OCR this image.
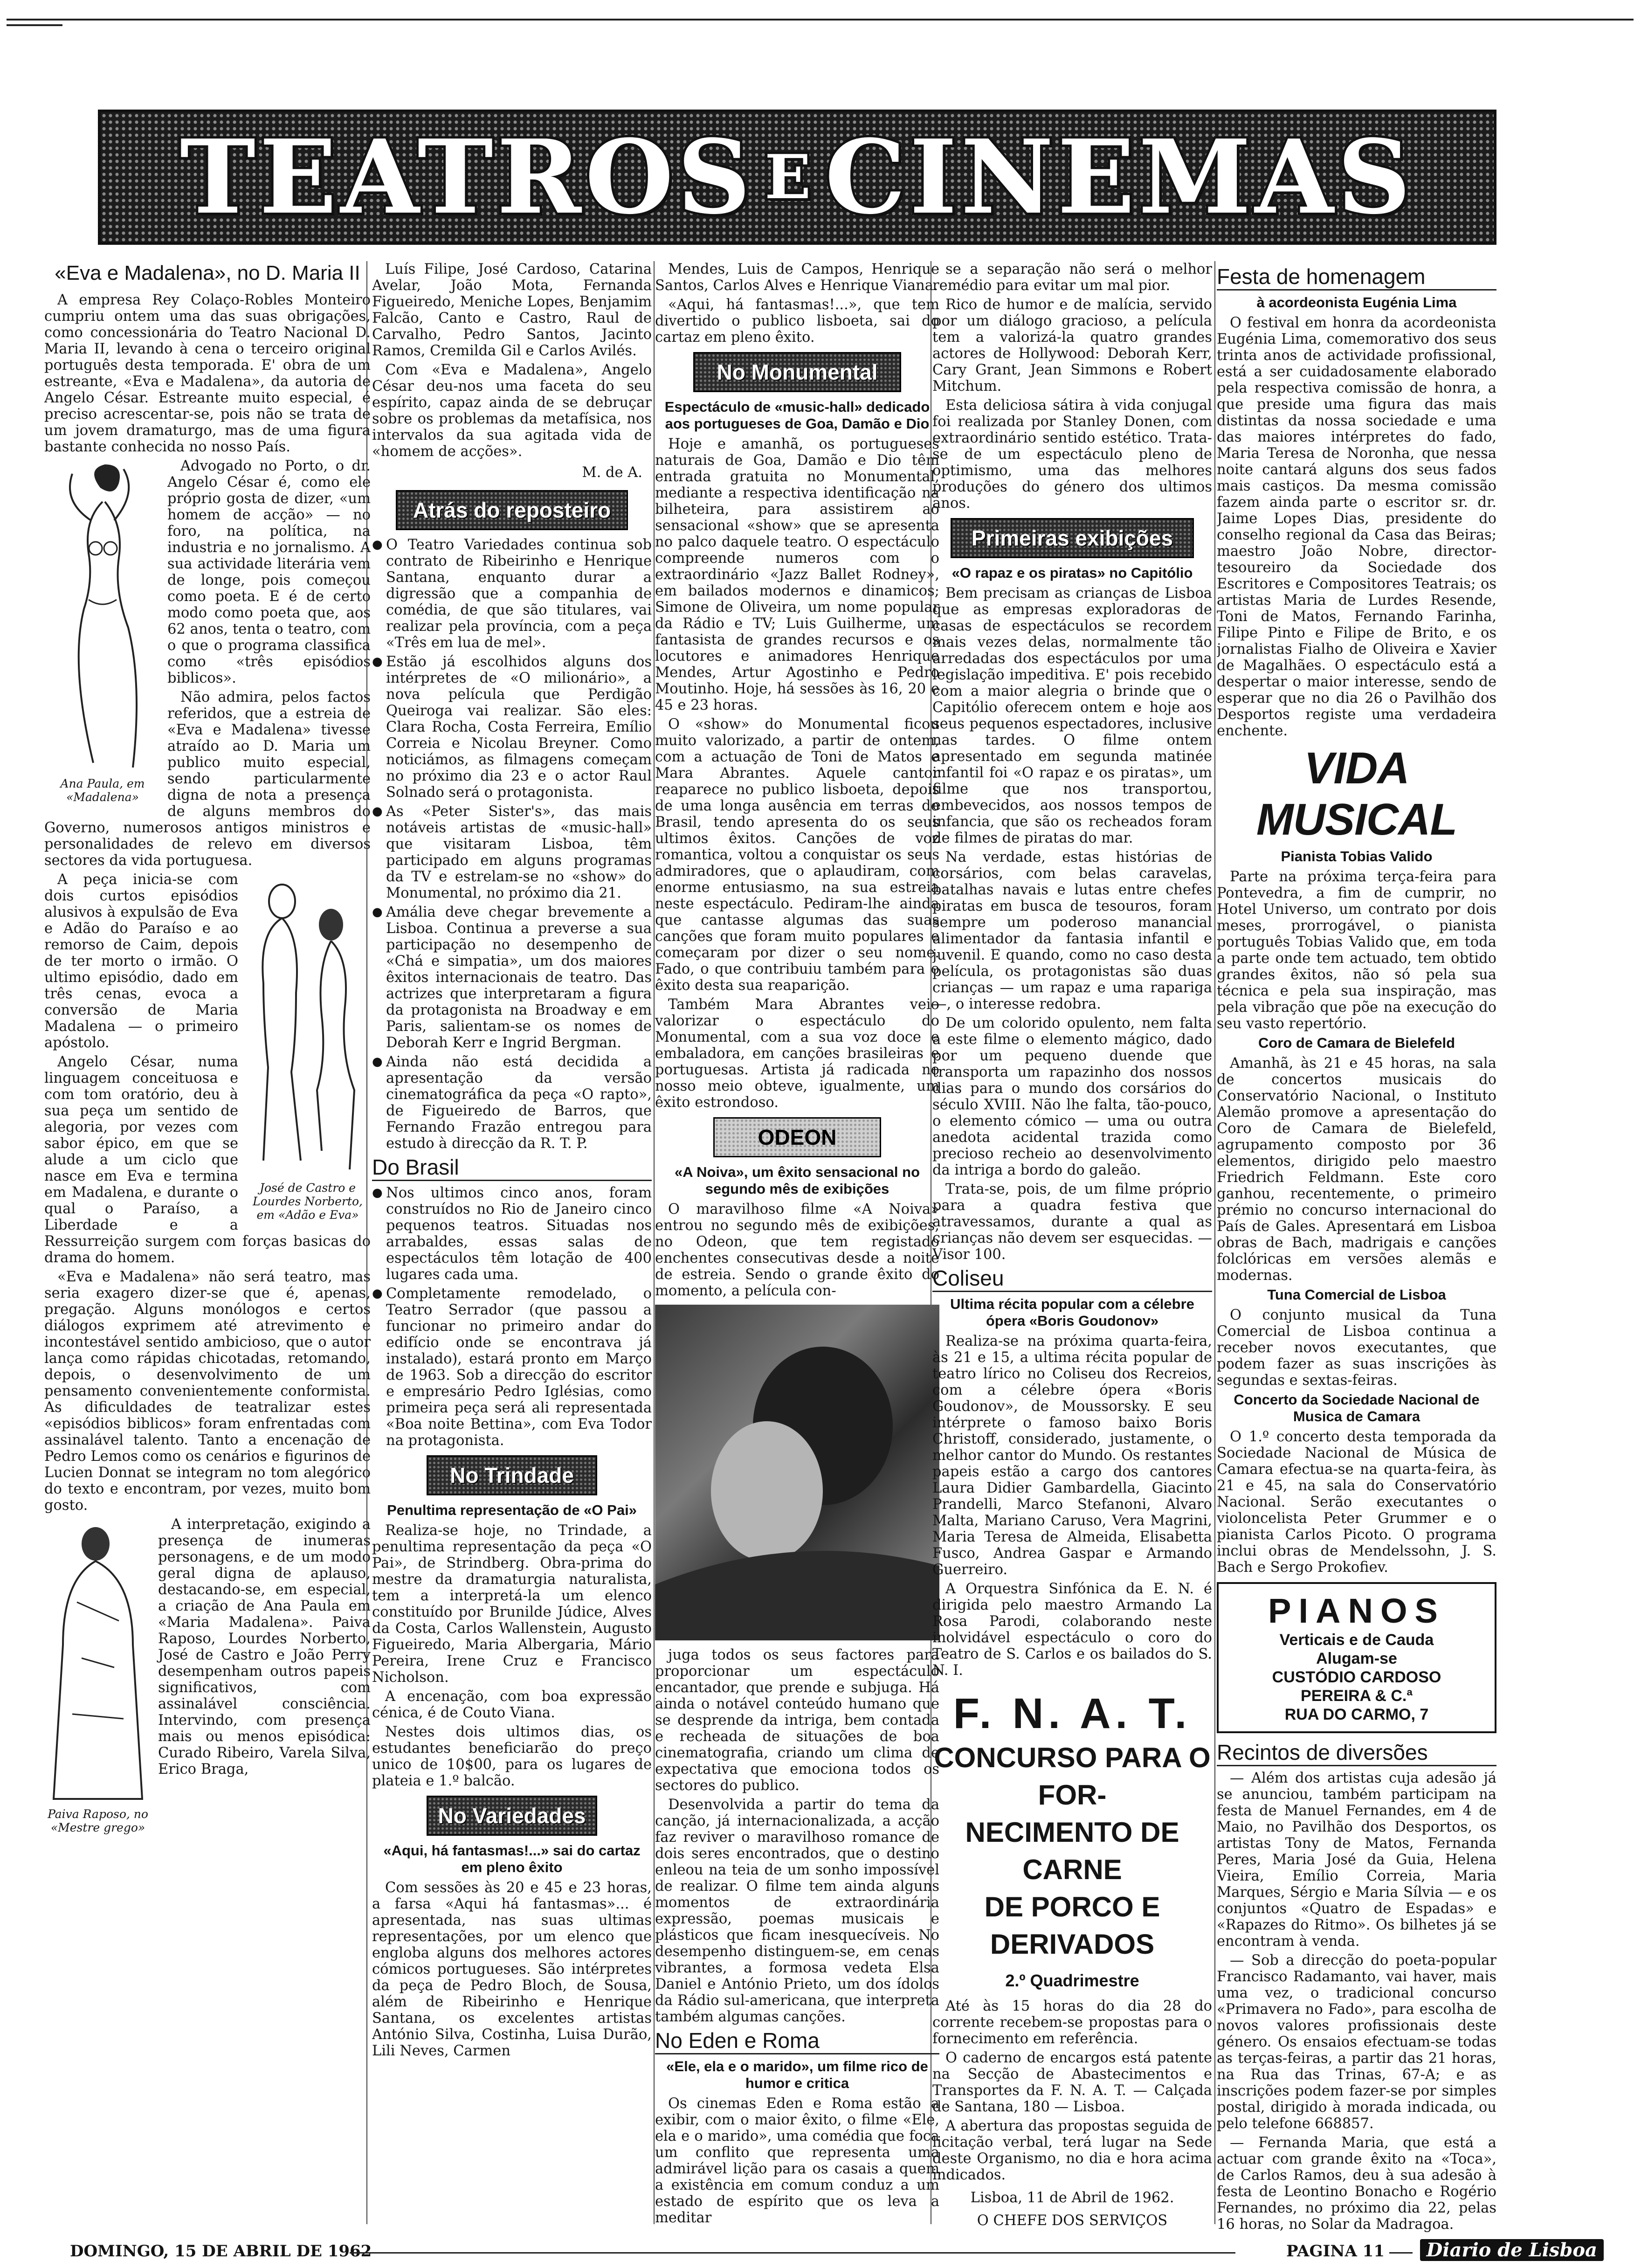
TEATROS E CINEMAS
«Eva e Madalena», no D. Maria II

A empresa Rey Colaço-Robles Monteiro cumpriu ontem uma das suas obrigações, como concessionária do Teatro Nacional D. Maria II, levando à cena o terceiro original português desta temporada. E' obra de um estreante, «Eva e Madalena», da autoria de Angelo César. Estreante muito especial, é preciso acrescentar-se, pois não se trata de um jovem dramaturgo, mas de uma figura bastante conhecida no nosso País.

Ana Paula, em «Madalena»

Advogado no Porto, o dr. Angelo César é, como ele próprio gosta de dizer, «um homem de acção» — no foro, na política, na industria e no jornalismo. A sua actividade literária vem de longe, pois começou como poeta. E é de certo modo como poeta que, aos 62 anos, tenta o teatro, com o que o programa classifica como «três episódios biblicos».

Não admira, pelos factos referidos, que a estreia de «Eva e Madalena» tivesse atraído ao D. Maria um publico muito especial, sendo particularmente digna de nota a presença de alguns membros do Governo, numerosos antigos ministros e personalidades de relevo em diversos sectores da vida portuguesa.

José de Castro e Lourdes Norberto, em «Adão e Eva»

A peça inicia-se com dois curtos episódios alusivos à expulsão de Eva e Adão do Paraíso e ao remorso de Caim, depois de ter morto o irmão. O ultimo episódio, dado em três cenas, evoca a conversão de Maria Madalena — o primeiro apóstolo.

Angelo César, numa linguagem conceituosa e com tom oratório, deu à sua peça um sentido de alegoria, por vezes com sabor épico, em que se alude a um ciclo que nasce em Eva e termina em Madalena, e durante o qual o Paraíso, a Liberdade e a Ressurreição surgem com forças basicas do drama do homem.

«Eva e Madalena» não será teatro, mas seria exagero dizer-se que é, apenas, pregação. Alguns monólogos e certos diálogos exprimem até atrevimento e incontestável sentido ambicioso, que o autor lança como rápidas chicotadas, retomando, depois, o desenvolvimento de um pensamento convenientemente conformista. As dificuldades de teatralizar estes «episódios biblicos» foram enfrentadas com assinalável talento. Tanto a encenação de Pedro Lemos como os cenários e figurinos de Lucien Donnat se integram no tom alegórico do texto e encontram, por vezes, muito bom gosto.

Paiva Raposo, no «Mestre grego»

A interpretação, exigindo a presença de inumeras personagens, e de um modo geral digna de aplauso, destacando-se, em especial, a criação de Ana Paula em «Maria Madalena». Paiva Raposo, Lourdes Norberto, José de Castro e João Perry desempenham outros papeis significativos, com assinalável consciência. Intervindo, com presença mais ou menos episódica: Curado Ribeiro, Varela Silva, Erico Braga,

Luís Filipe, José Cardoso, Catarina Avelar, João Mota, Fernanda Figueiredo, Meniche Lopes, Benjamim Falcão, Canto e Castro, Raul de Carvalho, Pedro Santos, Jacinto Ramos, Cremilda Gil e Carlos Avilés.

Com «Eva e Madalena», Angelo César deu-nos uma faceta do seu espírito, capaz ainda de se debruçar sobre os problemas da metafísica, nos intervalos da sua agitada vida de «homem de acções».

M. de A.
Atrás do reposteiro

● O Teatro Variedades continua sob contrato de Ribeirinho e Henrique Santana, enquanto durar a digressão que a companhia de comédia, de que são titulares, vai realizar pela província, com a peça «Três em lua de mel».

● Estão já escolhidos alguns dos intérpretes de «O milionário», a nova película que Perdigão Queiroga vai realizar. São eles: Clara Rocha, Costa Ferreira, Emílio Correia e Nicolau Breyner. Como noticiámos, as filmagens começam no próximo dia 23 e o actor Raul Solnado será o protagonista.

● As «Peter Sister's», das mais notáveis artistas de «music-hall» que visitaram Lisboa, têm participado em alguns programas da TV e estrelam-se no «show» do Monumental, no próximo dia 21.

● Amália deve chegar brevemente a Lisboa. Continua a preverse a sua participação no desempenho de «Chá e simpatia», um dos maiores êxitos internacionais de teatro. Das actrizes que interpretaram a figura da protagonista na Broadway e em Paris, salientam-se os nomes de Deborah Kerr e Ingrid Bergman.

● Ainda não está decidida a apresentação da versão cinematográfica da peça «O rapto», de Figueiredo de Barros, que Fernando Frazão entregou para estudo à direcção da R. T. P.

Do Brasil

● Nos ultimos cinco anos, foram construídos no Rio de Janeiro cinco pequenos teatros. Situadas nos arrabaldes, essas salas de espectáculos têm lotação de 400 lugares cada uma.

● Completamente remodelado, o Teatro Serrador (que passou a funcionar no primeiro andar do edifício onde se encontrava já instalado), estará pronto em Março de 1963. Sob a direcção do escritor e empresário Pedro Iglésias, como primeira peça será ali representada «Boa noite Bettina», com Eva Todor na protagonista.

No Trindade
Penultima representação de «O Pai»

Realiza-se hoje, no Trindade, a penultima representação da peça «O Pai», de Strindberg. Obra-prima do mestre da dramaturgia naturalista, tem a interpretá-la um elenco constituído por Brunilde Júdice, Alves da Costa, Carlos Wallenstein, Augusto Figueiredo, Maria Albergaria, Mário Pereira, Irene Cruz e Francisco Nicholson.

A encenação, com boa expressão cénica, é de Couto Viana.

Nestes dois ultimos dias, os estudantes beneficiarão do preço unico de 10$00, para os lugares de plateia e 1.º balcão.

No Variedades
«Aqui, há fantasmas!...» sai do cartaz em pleno êxito

Com sessões às 20 e 45 e 23 horas, a farsa «Aqui há fantasmas»... é apresentada, nas suas ultimas representações, por um elenco que engloba alguns dos melhores actores cómicos portugueses. São intérpretes da peça de Pedro Bloch, de Sousa, além de Ribeirinho e Henrique Santana, os excelentes artistas António Silva, Costinha, Luisa Durão, Lili Neves, Carmen

Mendes, Luis de Campos, Henrique Santos, Carlos Alves e Henrique Viana.

«Aqui, há fantasmas!...», que tem divertido o publico lisboeta, sai do cartaz em pleno êxito.

No Monumental
Espectáculo de «music-hall» dedicado aos portugueses de Goa, Damão e Dio

Hoje e amanhã, os portugueses naturais de Goa, Damão e Dio têm entrada gratuita no Monumental, mediante a respectiva identificação na bilheteira, para assistirem ao sensacional «show» que se apresenta no palco daquele teatro. O espectáculo compreende numeros com o extraordinário «Jazz Ballet Rodney», em bailados modernos e dinamicos; Simone de Oliveira, um nome popular da Rádio e TV; Luis Guilherme, um fantasista de grandes recursos e os locutores e animadores Henrique Mendes, Artur Agostinho e Pedro Moutinho. Hoje, há sessões às 16, 20 e 45 e 23 horas.

O «show» do Monumental ficou muito valorizado, a partir de ontem, com a actuação de Toni de Matos e Mara Abrantes. Aquele cantor reaparece no publico lisboeta, depois de uma longa ausência em terras do Brasil, tendo apresenta do os seus ultimos êxitos. Canções de voz romantica, voltou a conquistar os seus admiradores, que o aplaudiram, com enorme entusiasmo, na sua estreia neste espectáculo. Pediram-lhe ainda que cantasse algumas das suas canções que foram muito populares e começaram por dizer o seu nome. Fado, o que contribuiu também para o êxito desta sua reaparição.

Também Mara Abrantes veio valorizar o espectáculo do Monumental, com a sua voz doce e embaladora, em canções brasileiras e portuguesas. Artista já radicada no nosso meio obteve, igualmente, um êxito estrondoso.

ODEON
«A Noiva», um êxito sensacional no segundo mês de exibições

O maravilhoso filme «A Noiva» entrou no segundo mês de exibições, no Odeon, que tem registado enchentes consecutivas desde a noite de estreia. Sendo o grande êxito do momento, a película con-

juga todos os seus factores para proporcionar um espectáculo encantador, que prende e subjuga. Há ainda o notável conteúdo humano que se desprende da intriga, bem contada e recheada de situações de boa cinematografia, criando um clima de expectativa que emociona todos os sectores do publico.

Desenvolvida a partir do tema da canção, já internacionalizada, a acção faz reviver o maravilhoso romance de dois seres encontrados, que o destino enleou na teia de um sonho impossível de realizar. O filme tem ainda alguns momentos de extraordinária expressão, poemas musicais e plásticos que ficam inesquecíveis. No desempenho distinguem-se, em cenas vibrantes, a formosa vedeta Elsa Daniel e António Prieto, um dos ídolos da Rádio sul-americana, que interpreta também algumas canções.

No Eden e Roma
«Ele, ela e o marido», um filme rico de humor e critica

Os cinemas Eden e Roma estão a exibir, com o maior êxito, o filme «Ele, ela e o marido», uma comédia que foca um conflito que representa uma admirável lição para os casais a quem a existência em comum conduz a um estado de espírito que os leva a meditar

se a separação não será o melhor remédio para evitar um mal pior.

Rico de humor e de malícia, servido por um diálogo gracioso, a película tem a valorizá-la quatro grandes actores de Hollywood: Deborah Kerr, Cary Grant, Jean Simmons e Robert Mitchum.

Esta deliciosa sátira à vida conjugal foi realizada por Stanley Donen, com extraordinário sentido estético. Trata-se de um espectáculo pleno de optimismo, uma das melhores produções do género dos ultimos anos.

Primeiras exibições
«O rapaz e os piratas» no Capitólio

Bem precisam as crianças de Lisboa que as empresas exploradoras de casas de espectáculos se recordem mais vezes delas, normalmente tão arredadas dos espectáculos por uma legislação impeditiva. E' pois recebido com a maior alegria o brinde que o Capitólio oferecem ontem e hoje aos seus pequenos espectadores, inclusive nas tardes. O filme ontem apresentado em segunda matinée infantil foi «O rapaz e os piratas», um filme que nos transportou, embevecidos, aos nossos tempos de infancia, que são os recheados foram de filmes de piratas do mar.

Na verdade, estas histórias de corsários, com belas caravelas, batalhas navais e lutas entre chefes piratas em busca de tesouros, foram sempre um poderoso manancial alimentador da fantasia infantil e juvenil. E quando, como no caso desta película, os protagonistas são duas crianças — um rapaz e uma rapariga —, o interesse redobra.

De um colorido opulento, nem falta a este filme o elemento mágico, dado por um pequeno duende que transporta um rapazinho dos nossos dias para o mundo dos corsários do século XVIII. Não lhe falta, tão-pouco, o elemento cómico — uma ou outra anedota acidental trazida como precioso recheio ao desenvolvimento da intriga a bordo do galeão.

Trata-se, pois, de um filme próprio para a quadra festiva que atravessamos, durante a qual as crianças não devem ser esquecidas. — Visor 100.

Coliseu
Ultima récita popular com a célebre ópera «Boris Goudonov»

Realiza-se na próxima quarta-feira, às 21 e 15, a ultima récita popular de teatro lírico no Coliseu dos Recreios, com a célebre ópera «Boris Goudonov», de Moussorsky. E seu intérprete o famoso baixo Boris Christoff, considerado, justamente, o melhor cantor do Mundo. Os restantes papeis estão a cargo dos cantores Laura Didier Gambardella, Giacinto Prandelli, Marco Stefanoni, Alvaro Malta, Mariano Caruso, Vera Magrini, Maria Teresa de Almeida, Elisabetta Fusco, Andrea Gaspar e Armando Guerreiro.

A Orquestra Sinfónica da E. N. é dirigida pelo maestro Armando La Rosa Parodi, colaborando neste inolvidável espectáculo o coro do Teatro de S. Carlos e os bailados do S. N. I.

F. N. A. T.
CONCURSO PARA O FOR-
NECIMENTO DE CARNE
DE PORCO E DERIVADOS
2.º Quadrimestre

Até às 15 horas do dia 28 do corrente recebem-se propostas para o fornecimento em referência.

O caderno de encargos está patente na Secção de Abastecimentos e Transportes da F. N. A. T. — Calçada de Santana, 180 — Lisboa.

A abertura das propostas seguida de licitação verbal, terá lugar na Sede deste Organismo, no dia e hora acima indicados.

Lisboa, 11 de Abril de 1962.
O CHEFE DOS SERVIÇOS
Festa de homenagem
à acordeonista Eugénia Lima

O festival em honra da acordeonista Eugénia Lima, comemorativo dos seus trinta anos de actividade profissional, está a ser cuidadosamente elaborado pela respectiva comissão de honra, a que preside uma figura das mais distintas da nossa sociedade e uma das maiores intérpretes do fado, Maria Teresa de Noronha, que nessa noite cantará alguns dos seus fados mais castiços. Da mesma comissão fazem ainda parte o escritor sr. dr. Jaime Lopes Dias, presidente do conselho regional da Casa das Beiras; maestro João Nobre, director-tesoureiro da Sociedade dos Escritores e Compositores Teatrais; os artistas Maria de Lurdes Resende, Toni de Matos, Fernando Farinha, Filipe Pinto e Filipe de Brito, e os jornalistas Fialho de Oliveira e Xavier de Magalhães. O espectáculo está a despertar o maior interesse, sendo de esperar que no dia 26 o Pavilhão dos Desportos registe uma verdadeira enchente.

VIDA MUSICAL
Pianista Tobias Valido

Parte na próxima terça-feira para Pontevedra, a fim de cumprir, no Hotel Universo, um contrato por dois meses, prorrogável, o pianista português Tobias Valido que, em toda a parte onde tem actuado, tem obtido grandes êxitos, não só pela sua técnica e pela sua inspiração, mas pela vibração que põe na execução do seu vasto repertório.

Coro de Camara de Bielefeld

Amanhã, às 21 e 45 horas, na sala de concertos musicais do Conservatório Nacional, o Instituto Alemão promove a apresentação do Coro de Camara de Bielefeld, agrupamento composto por 36 elementos, dirigido pelo maestro Friedrich Feldmann. Este coro ganhou, recentemente, o primeiro prémio no concurso internacional do País de Gales. Apresentará em Lisboa obras de Bach, madrigais e canções folclóricas em versões alemãs e modernas.

Tuna Comercial de Lisboa

O conjunto musical da Tuna Comercial de Lisboa continua a receber novos executantes, que podem fazer as suas inscrições às segundas e sextas-feiras.

Concerto da Sociedade Nacional de Musica de Camara

O 1.º concerto desta temporada da Sociedade Nacional de Música de Camara efectua-se na quarta-feira, às 21 e 45, na sala do Conservatório Nacional. Serão executantes o violoncelista Peter Grummer e o pianista Carlos Picoto. O programa inclui obras de Mendelssohn, J. S. Bach e Sergo Prokofiev.

PIANOS
Verticais e de Cauda
Alugam-se
CUSTÓDIO CARDOSO
PEREIRA & C.ª
RUA DO CARMO, 7
Recintos de diversões

— Além dos artistas cuja adesão já se anunciou, também participam na festa de Manuel Fernandes, em 4 de Maio, no Pavilhão dos Desportos, os artistas Tony de Matos, Fernanda Peres, Maria José da Guia, Helena Vieira, Emílio Correia, Maria Marques, Sérgio e Maria Sílvia — e os conjuntos «Quatro de Espadas» e «Rapazes do Ritmo». Os bilhetes já se encontram à venda.

— Sob a direcção do poeta-popular Francisco Radamanto, vai haver, mais uma vez, o tradicional concurso «Primavera no Fado», para escolha de novos valores profissionais deste género. Os ensaios efectuam-se todas as terças-feiras, a partir das 21 horas, na Rua das Trinas, 67-A; e as inscrições podem fazer-se por simples postal, dirigido à morada indicada, ou pelo telefone 668857.

— Fernanda Maria, que está a actuar com grande êxito na «Toca», de Carlos Ramos, deu à sua adesão à festa de Leontino Bonacho e Rogério Fernandes, no próximo dia 22, pelas 16 horas, no Solar da Madragoa.

DOMINGO, 15 DE ABRIL DE 1962	PAGINA 11	Diario de Lisboa
